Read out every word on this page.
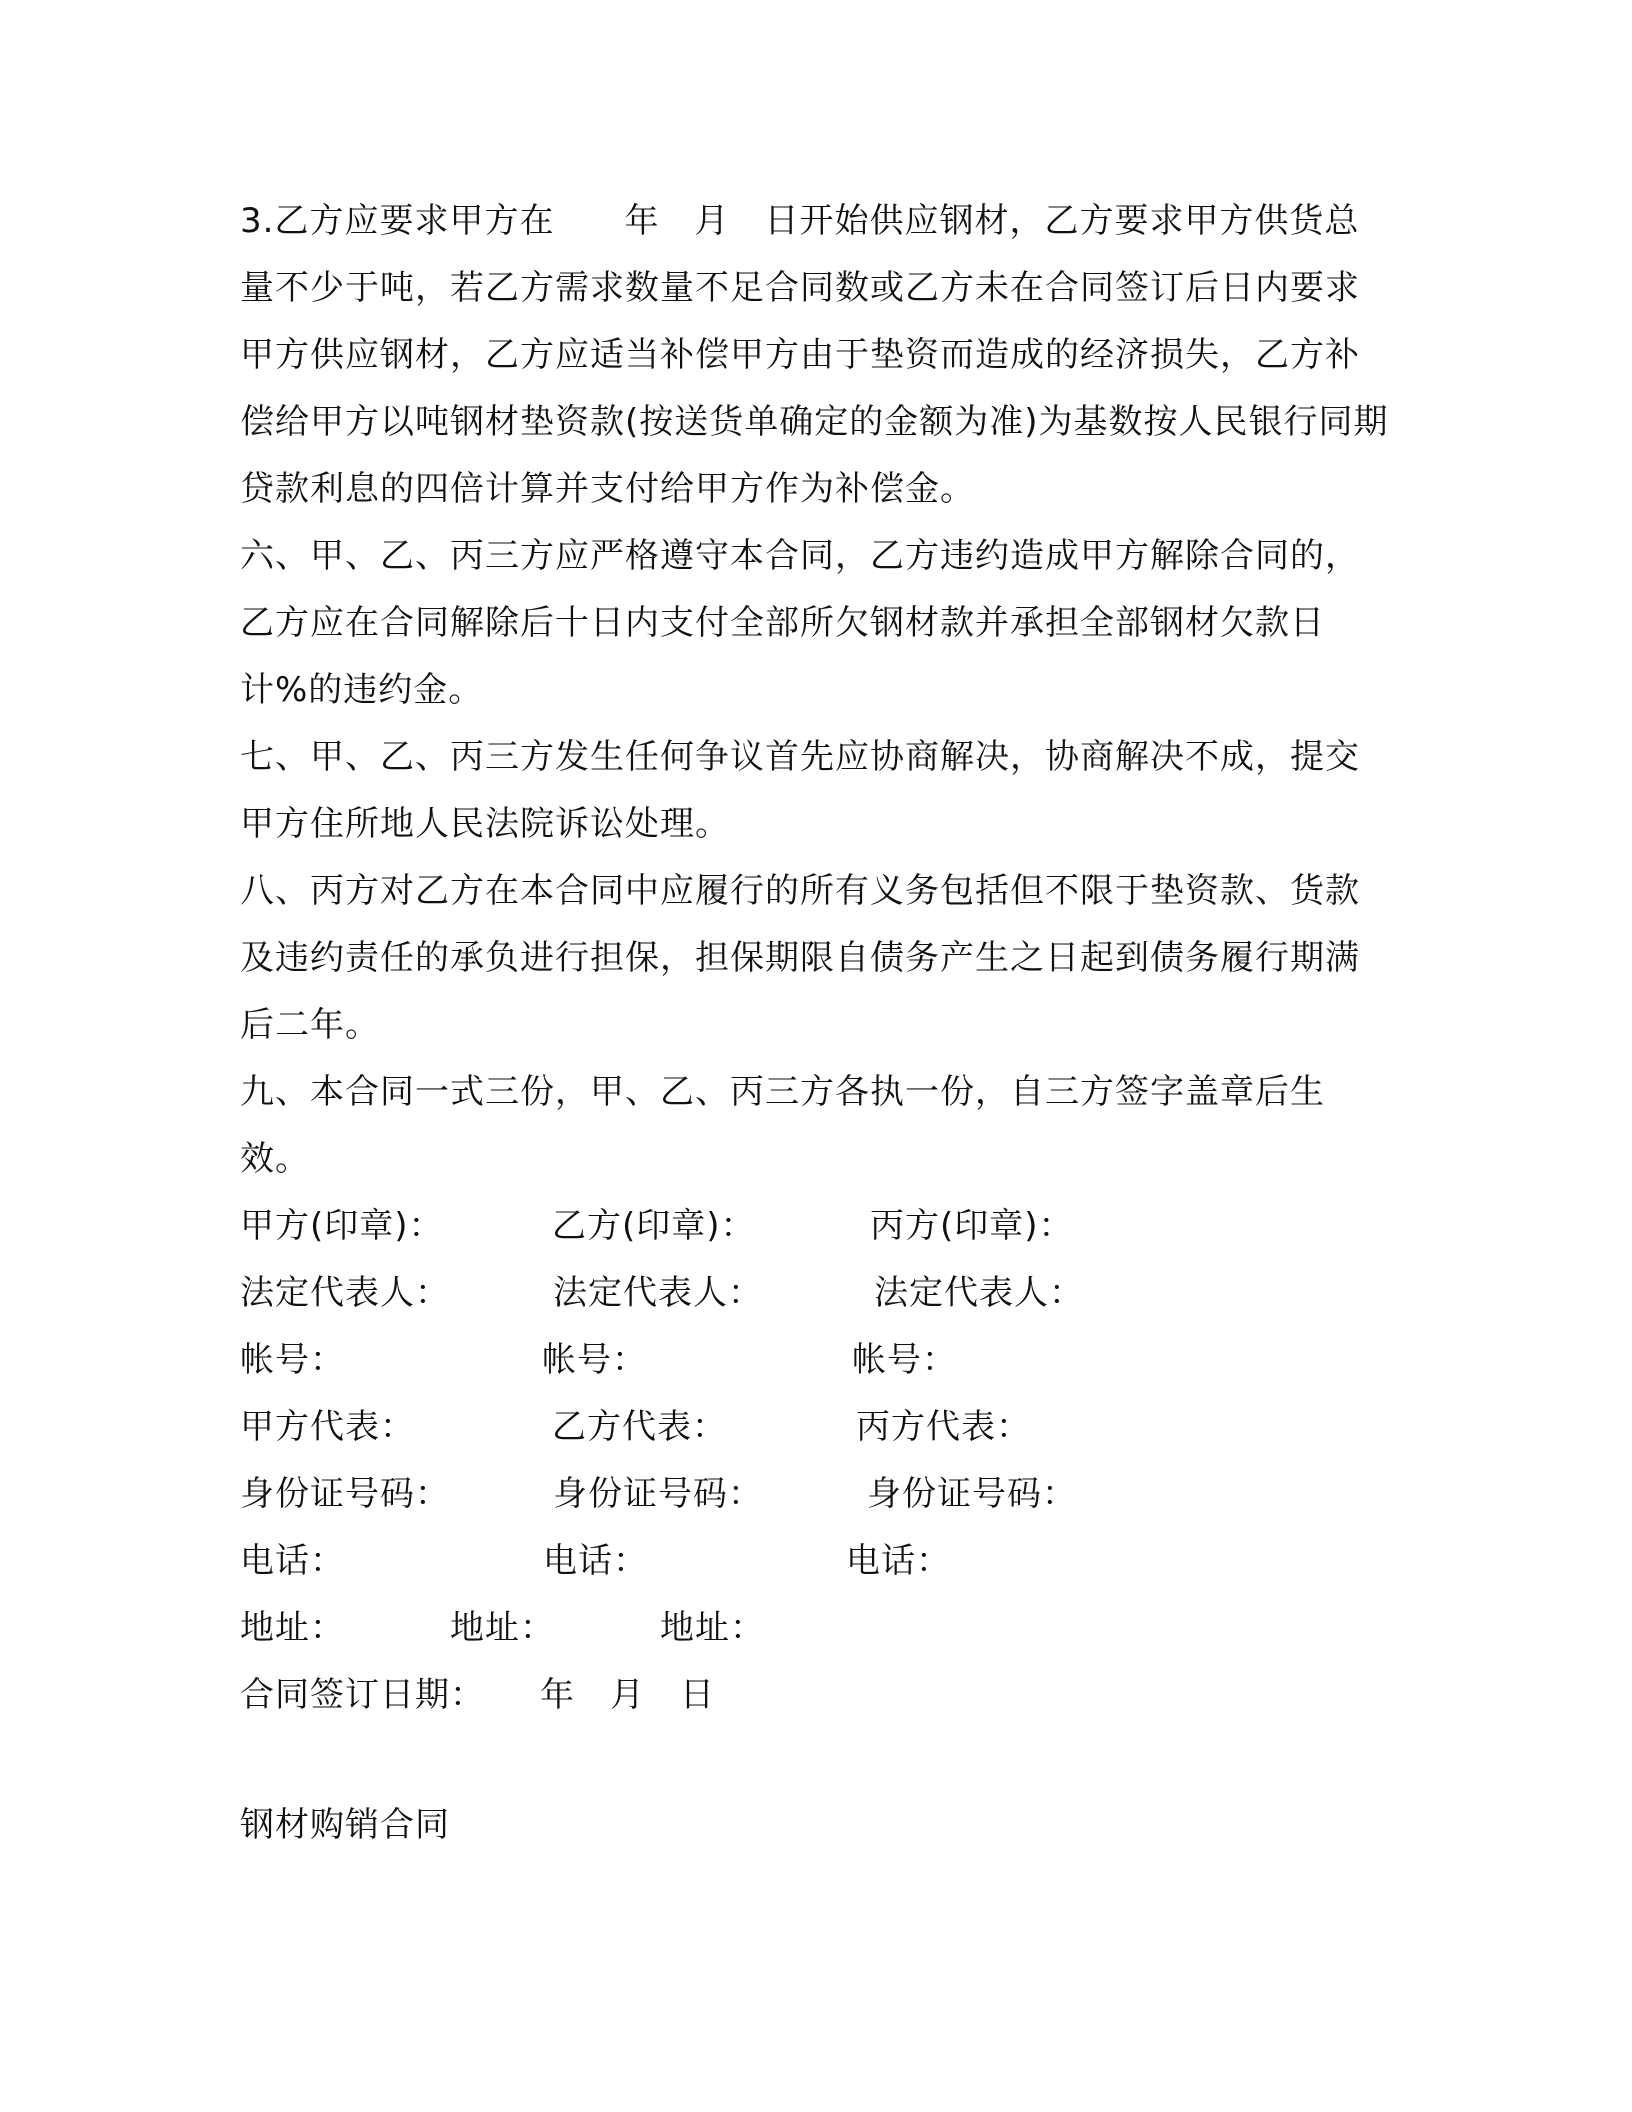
3.乙方应要求甲方在　　年　月　日开始供应钢材，乙方要求甲方供货总量不少于吨，若乙方需求数量不足合同数或乙方未在合同签订后日内要求甲方供应钢材，乙方应适当补偿甲方由于垫资而造成的经济损失，乙方补偿给甲方以吨钢材垫资款(按送货单确定的金额为准)为基数按人民银行同期贷款利息的四倍计算并支付给甲方作为补偿金。

六、甲、乙、丙三方应严格遵守本合同，乙方违约造成甲方解除合同的，乙方应在合同解除后十日内支付全部所欠钢材款并承担全部钢材欠款日计%的违约金。

七、甲、乙、丙三方发生任何争议首先应协商解决，协商解决不成，提交甲方住所地人民法院诉讼处理。

八、丙方对乙方在本合同中应履行的所有义务包括但不限于垫资款、货款及违约责任的承负进行担保，担保期限自债务产生之日起到债务履行期满后二年。

九、本合同一式三份，甲、乙、丙三方各执一份，自三方签字盖章后生效。

甲方(印章)：	乙方(印章)：	丙方(印章)：
法定代表人：	法定代表人：	法定代表人：
帐号：	帐号：	帐号：
甲方代表：	乙方代表：	丙方代表：
身份证号码：	身份证号码：	身份证号码：
电话：	电话：	电话：
地址：	地址：	地址：
合同签订日期： 年　月　日
钢材购销合同
